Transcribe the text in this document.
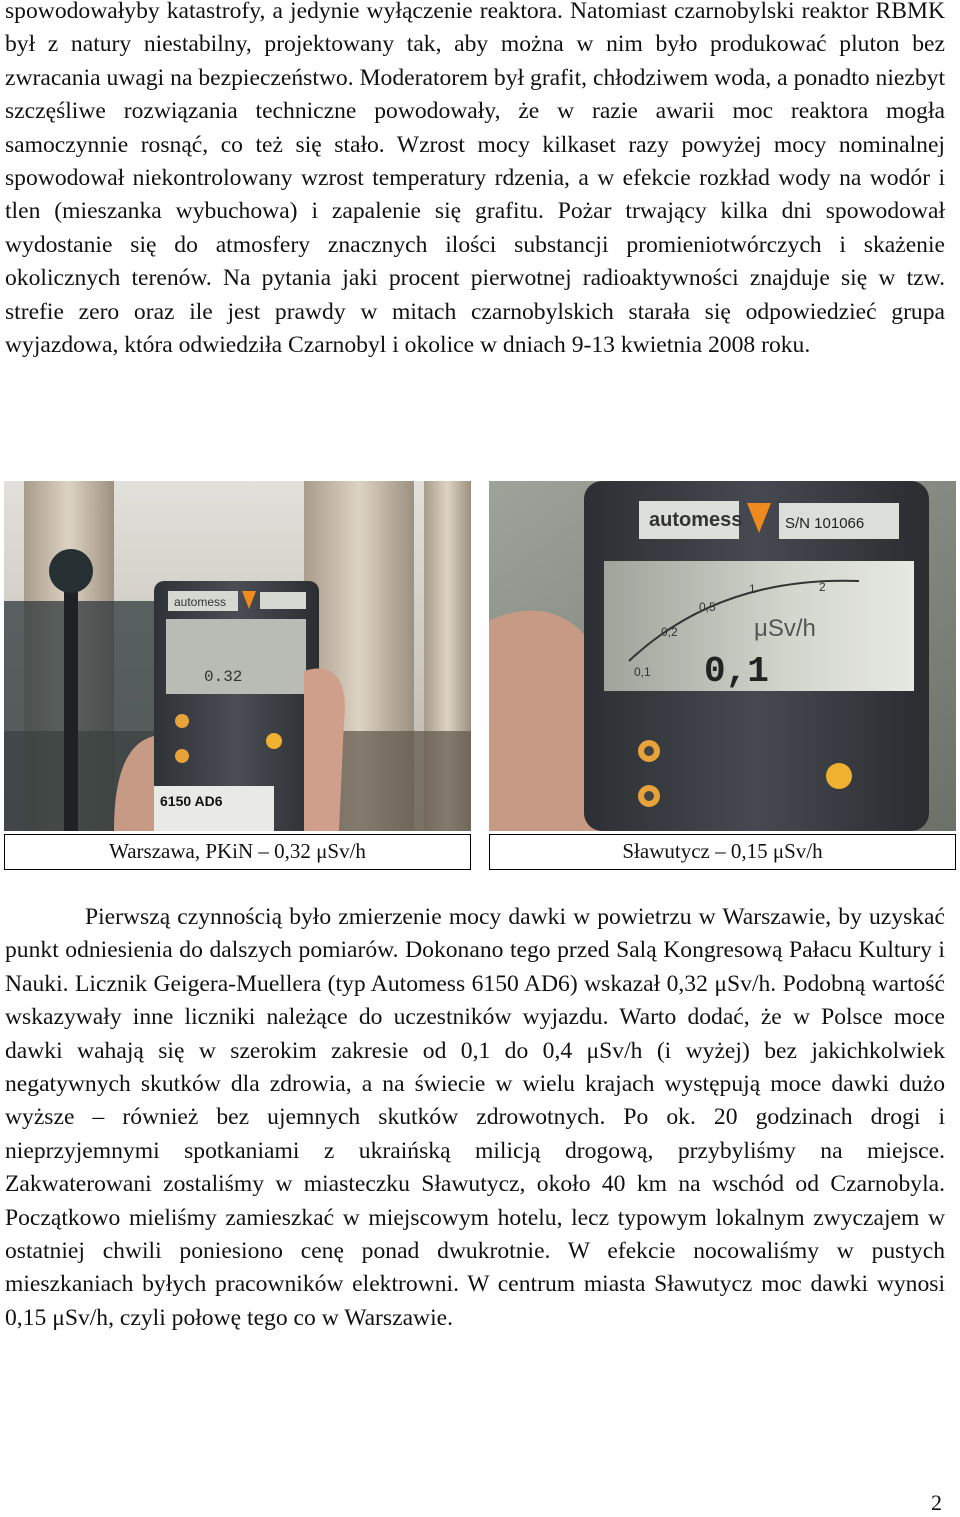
spowodowałyby katastrofy, a jedynie wyłączenie reaktora. Natomiast czarnobylski reaktor RBMK był z natury niestabilny, projektowany tak, aby można w nim było produkować pluton bez zwracania uwagi na bezpieczeństwo. Moderatorem był grafit, chłodziwem woda, a ponadto niezbyt szczęśliwe rozwiązania techniczne powodowały, że w razie awarii moc reaktora mogła samoczynnie rosnąć, co też się stało. Wzrost mocy kilkaset razy powyżej mocy nominalnej spowodował niekontrolowany wzrost temperatury rdzenia, a w efekcie rozkład wody na wodór i tlen (mieszanka wybuchowa) i zapalenie się grafitu. Pożar trwający kilka dni spowodował wydostanie się do atmosfery znacznych ilości substancji promieniotwórczych i skażenie okolicznych terenów. Na pytania jaki procent pierwotnej radioaktywności znajduje się w tzw. strefie zero oraz ile jest prawdy w mitach czarnobylskich starała się odpowiedzieć grupa wyjazdowa, która odwiedziła Czarnobyl i okolice w dniach 9-13 kwietnia 2008 roku.

automess
0.32
6150 AD6
automess	S/N 101066
0,1
0,2
0,5
1	2
μSv/h
0,1
Warszawa, PKiN – 0,32 μSv/h	Sławutycz – 0,15 μSv/h

Pierwszą czynnością było zmierzenie mocy dawki w powietrzu w Warszawie, by uzyskać punkt odniesienia do dalszych pomiarów. Dokonano tego przed Salą Kongresową Pałacu Kultury i Nauki. Licznik Geigera-Muellera (typ Automess 6150 AD6) wskazał 0,32 μSv/h. Podobną wartość wskazywały inne liczniki należące do uczestników wyjazdu. Warto dodać, że w Polsce moce dawki wahają się w szerokim zakresie od 0,1 do 0,4 μSv/h (i wyżej) bez jakichkolwiek negatywnych skutków dla zdrowia, a na świecie w wielu krajach występują moce dawki dużo wyższe – również bez ujemnych skutków zdrowotnych. Po ok. 20 godzinach drogi i nieprzyjemnymi spotkaniami z ukraińską milicją drogową, przybyliśmy na miejsce. Zakwaterowani zostaliśmy w miasteczku Sławutycz, około 40 km na wschód od Czarnobyla. Początkowo mieliśmy zamieszkać w miejscowym hotelu, lecz typowym lokalnym zwyczajem w ostatniej chwili poniesiono cenę ponad dwukrotnie. W efekcie nocowaliśmy w pustych mieszkaniach byłych pracowników elektrowni. W centrum miasta Sławutycz moc dawki wynosi 0,15 μSv/h, czyli połowę tego co w Warszawie.

2
